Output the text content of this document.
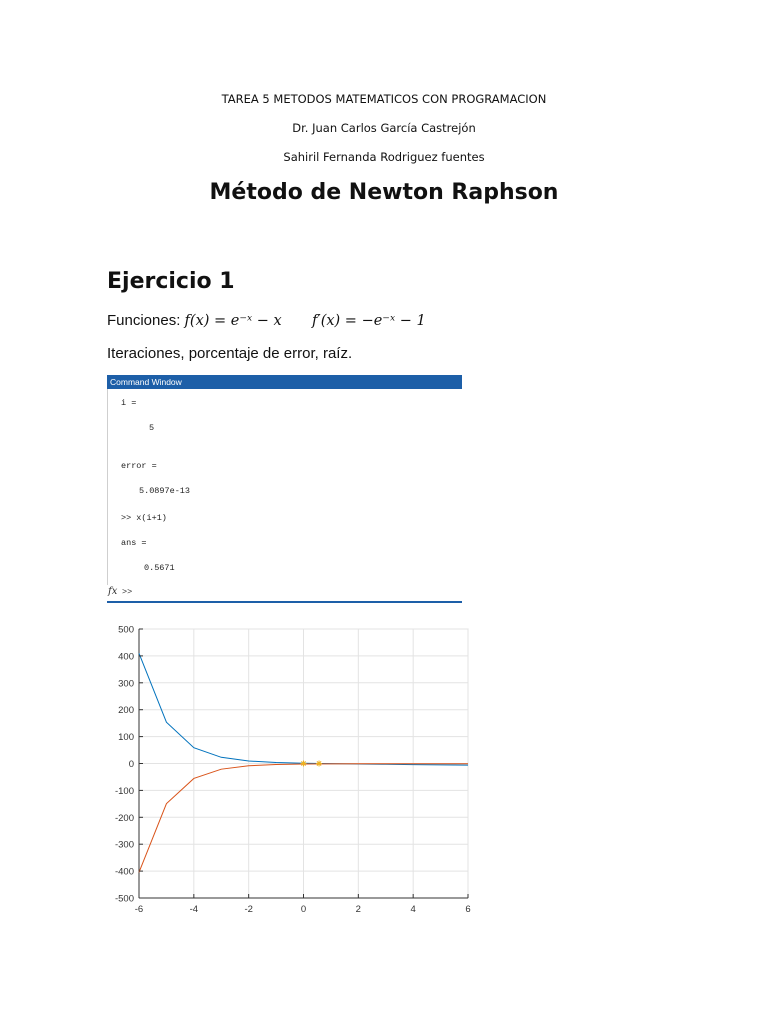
TAREA 5 METODOS MATEMATICOS CON PROGRAMACION
Dr. Juan Carlos García Castrejón
Sahiril Fernanda Rodriguez fuentes
Método de Newton Raphson
Ejercicio 1
Funciones: f(x) = e⁻ˣ − x f′(x) = −e⁻ˣ − 1
Iteraciones, porcentaje de error, raíz.
Command Window
i =
5
error =
5.0897e-13
>> x(i+1)
ans =
0.5671
fx >>
500
400
300
200
100
0
-100
-200
-300
-400
-500
-6	-4	-2	0	2	4	6
